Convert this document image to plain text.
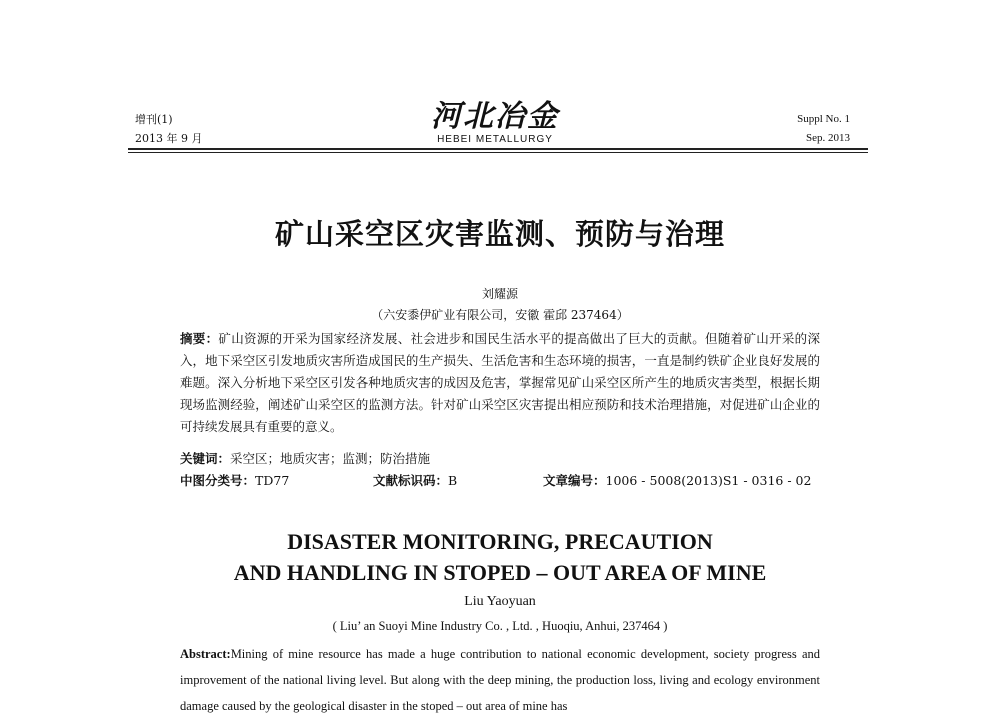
增刊(1)
2013 年 9 月
河北冶金
HEBEI METALLURGY
Suppl No. 1
Sep. 2013
矿山采空区灾害监测、预防与治理
刘耀源
（六安黍伊矿业有限公司，安徽 霍邱 237464）
摘要：矿山资源的开采为国家经济发展、社会进步和国民生活水平的提高做出了巨大的贡献。但随着矿山开采的深入，地下采空区引发地质灾害所造成国民的生产损失、生活危害和生态环境的损害，一直是制约铁矿企业良好发展的难题。深入分析地下采空区引发各种地质灾害的成因及危害，掌握常见矿山采空区所产生的地质灾害类型，根据长期现场监测经验，阐述矿山采空区的监测方法。针对矿山采空区灾害提出相应预防和技术治理措施，对促进矿山企业的可持续发展具有重要的意义。
关键词：采空区；地质灾害；监测；防治措施
中图分类号：TD77	文献标识码：B	文章编号：1006 - 5008(2013)S1 - 0316 - 02
DISASTER MONITORING, PRECAUTION
AND HANDLING IN STOPED – OUT AREA OF MINE
Liu Yaoyuan
( Liu’ an Suoyi Mine Industry Co. , Ltd. , Huoqiu, Anhui, 237464 )
Abstract:Mining of mine resource has made a huge contribution to national economic development, society progress and improvement of the national living level. But along with the deep mining, the production loss, living and ecology environment damage caused by the geological disaster in the stoped – out area of mine has
